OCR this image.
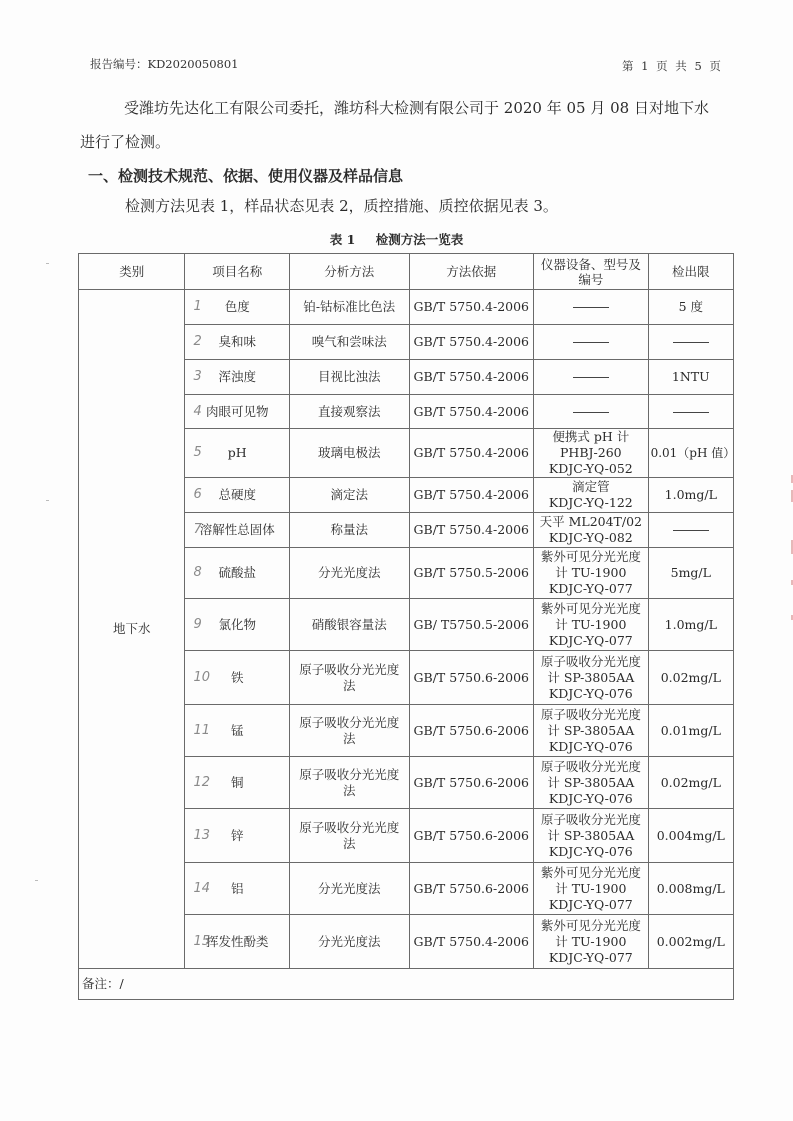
报告编号：KD2020050801	第 1 页 共 5 页
受潍坊先达化工有限公司委托，潍坊科大检测有限公司于 2020 年 05 月 08 日对地下水进行了检测。
一、检测技术规范、依据、使用仪器及样品信息
检测方法见表 1，样品状态见表 2，质控措施、质控依据见表 3。
表 1 检测方法一览表
类别	项目名称	分析方法	方法依据	仪器设备、型号及编号	检出限
地下水	1 色度	铂-钴标准比色法	GB/T 5750.4-2006		5 度

	2 臭和味	嗅气和尝味法	GB/T 5750.4-2006		

	3 浑浊度	目视比浊法	GB/T 5750.4-2006		1NTU

	4 肉眼可见物	直接观察法	GB/T 5750.4-2006		

	5 pH	玻璃电极法	GB/T 5750.4-2006	便携式 pH 计
PHBJ-260
KDJC-YQ-052	0.01（pH 值）

	6 总硬度	滴定法	GB/T 5750.4-2006	滴定管
KDJC-YQ-122	1.0mg/L

	7
溶解性总固体	称量法	GB/T 5750.4-2006	天平 ML204T/02
KDJC-YQ-082	

	8 硫酸盐	分光光度法	GB/T 5750.5-2006	紫外可见分光光度
计 TU-1900
KDJC-YQ-077	5mg/L

	9 氯化物	硝酸银容量法	GB/ T5750.5-2006	紫外可见分光光度
计 TU-1900
KDJC-YQ-077	1.0mg/L

	10 铁	原子吸收分光光度
法	GB/T 5750.6-2006	原子吸收分光光度
计 SP-3805AA
KDJC-YQ-076	0.02mg/L

	11 锰	原子吸收分光光度
法	GB/T 5750.6-2006	原子吸收分光光度
计 SP-3805AA
KDJC-YQ-076	0.01mg/L

	12 铜	原子吸收分光光度
法	GB/T 5750.6-2006	原子吸收分光光度
计 SP-3805AA
KDJC-YQ-076	0.02mg/L

	13 锌	原子吸收分光光度
法	GB/T 5750.6-2006	原子吸收分光光度
计 SP-3805AA
KDJC-YQ-076	0.004mg/L

	14 铝	分光光度法	GB/T 5750.6-2006	紫外可见分光光度
计 TU-1900
KDJC-YQ-077	0.008mg/L

	15
挥发性酚类	分光光度法	GB/T 5750.4-2006	紫外可见分光光度
计 TU-1900
KDJC-YQ-077	0.002mg/L
备注：/					
